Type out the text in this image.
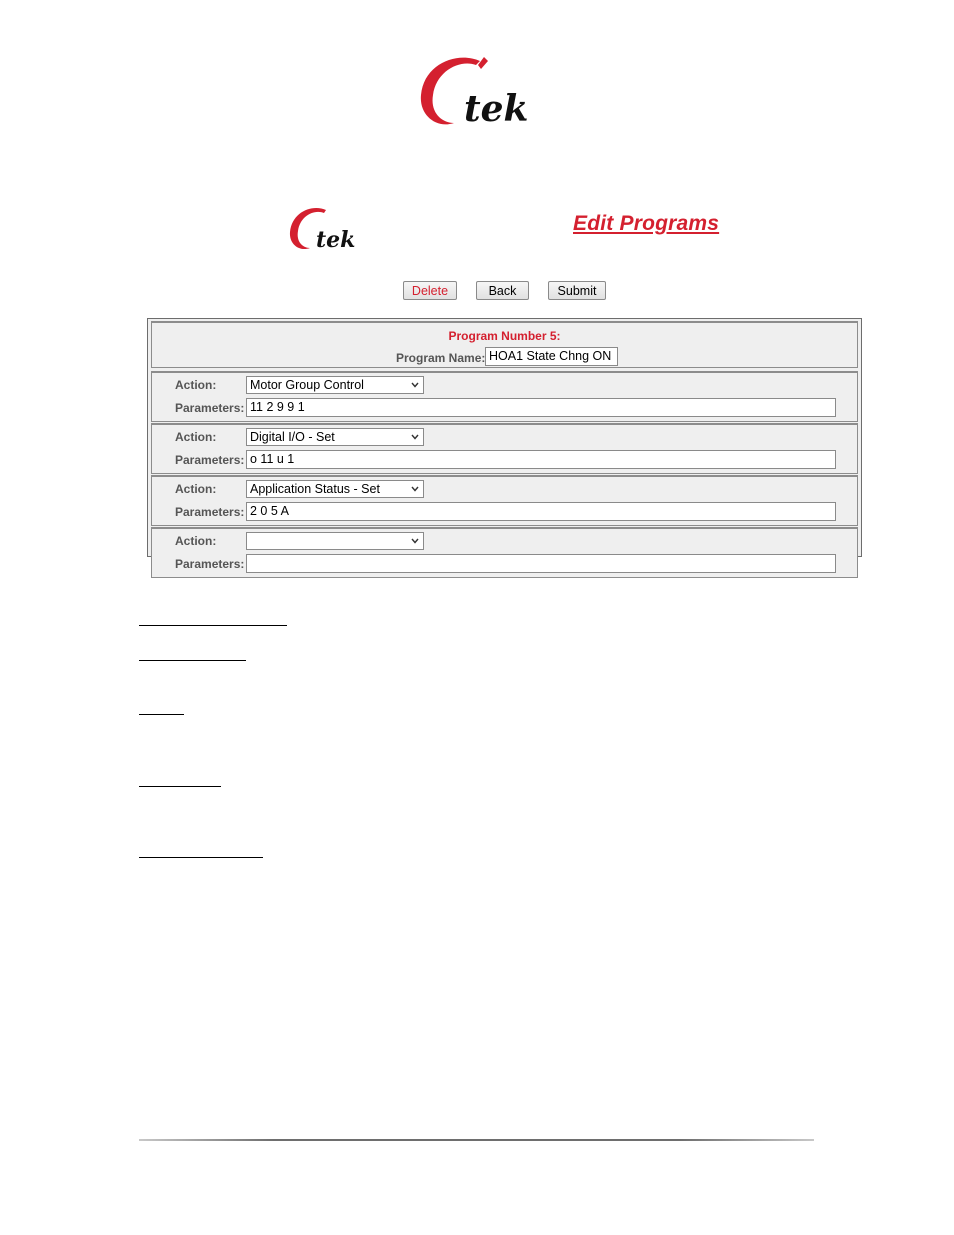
tek
tek
Edit Programs
Delete	Back	Submit
Program Number 5:
Program Name: HOA1 State Chng ON
Action:	Motor Group Control
Parameters: 11 2 9 9 1
Action:	Digital I/O - Set
Parameters: o 11 u 1
Action:	Application Status - Set
Parameters: 2 0 5 A
Action:
Parameters:
